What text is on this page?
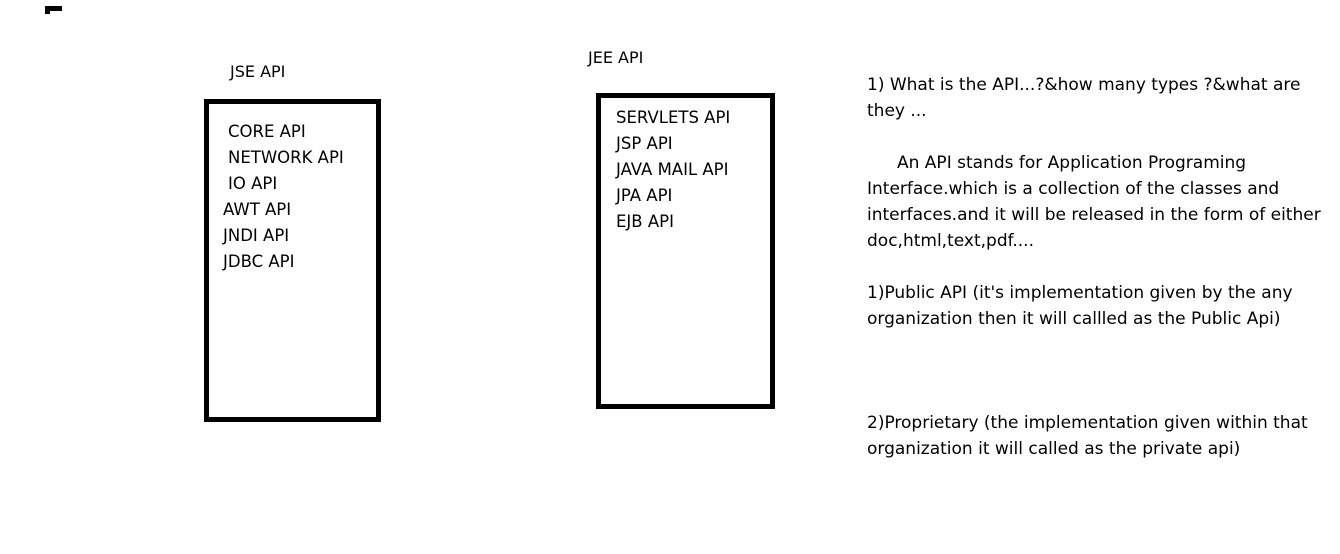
JSE API
CORE API
NETWORK API
IO API
AWT API
JNDI API
JDBC API
JEE API
SERVLETS API
JSP API
JAVA MAIL API
JPA API
EJB API

1) What is the API...?&how many types ?&what are they ...

An API stands for Application Programing Interface.which is a collection of the classes and interfaces.and it will be released in the form of either doc,html,text,pdf....

1)Public API (it's implementation given by the any organization then it will callled as the Public Api)

2)Proprietary (the implementation given within that organization it will called as the private api)
